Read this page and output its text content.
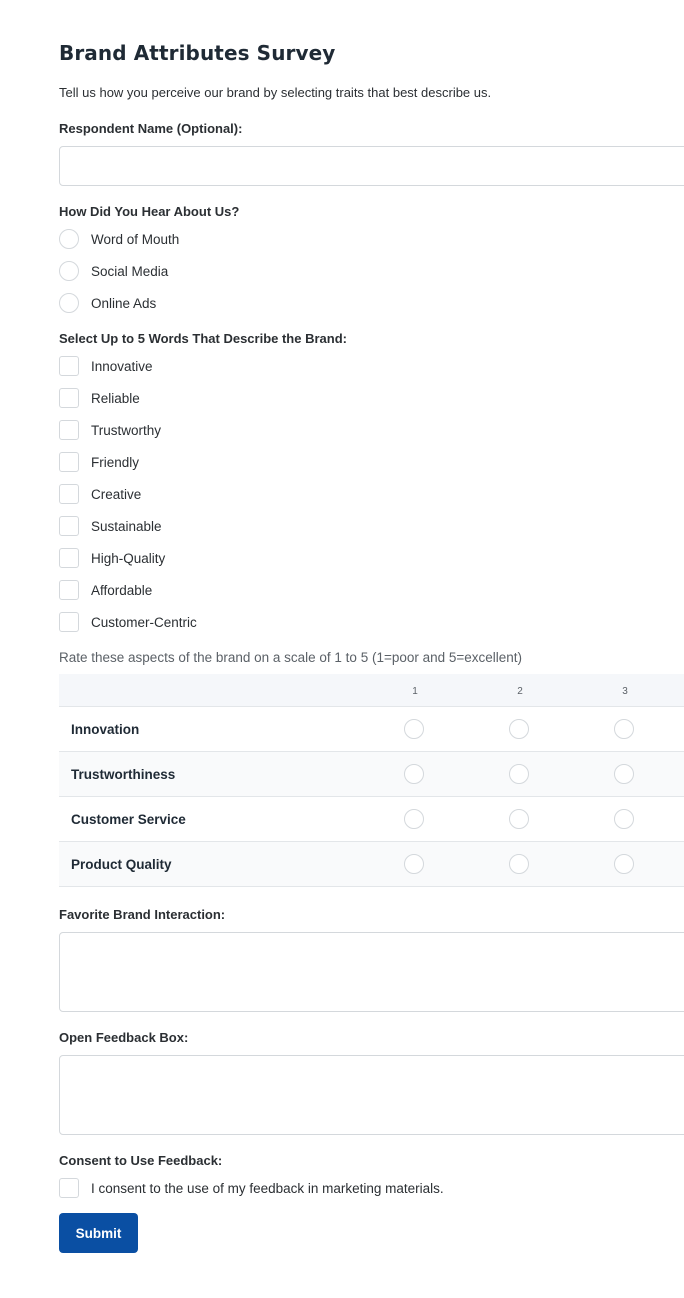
Brand Attributes Survey

Tell us how you perceive our brand by selecting traits that best describe us.

Respondent Name (Optional):
How Did You Hear About Us?
Word of Mouth
Social Media
Online Ads
Select Up to 5 Words That Describe the Brand:
Innovative
Reliable
Trustworthy
Friendly
Creative
Sustainable
High-Quality
Affordable
Customer-Centric
Rate these aspects of the brand on a scale of 1 to 5 (1=poor and 5=excellent)
1	2	3
Innovation
Trustworthiness
Customer Service
Product Quality
Favorite Brand Interaction:
Open Feedback Box:
Consent to Use Feedback:
I consent to the use of my feedback in marketing materials.
Submit
